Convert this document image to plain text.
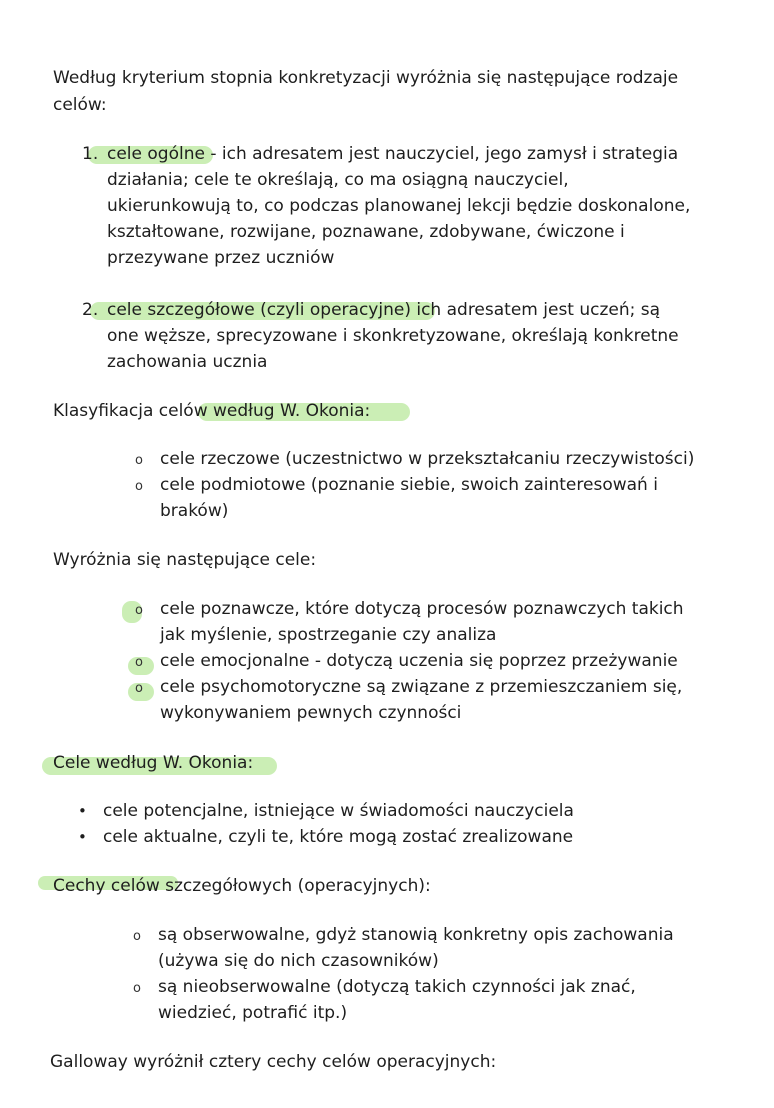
Według kryterium stopnia konkretyzacji wyróżnia się następujące rodzaje
celów:
1. cele ogólne - ich adresatem jest nauczyciel, jego zamysł i strategia
działania; cele te określają, co ma osiągną nauczyciel,
ukierunkowują to, co podczas planowanej lekcji będzie doskonalone,
kształtowane, rozwijane, poznawane, zdobywane, ćwiczone i
przezywane przez uczniów
2. cele szczegółowe (czyli operacyjne) ich adresatem jest uczeń; są
one węższe, sprecyzowane i skonkretyzowane, określają konkretne
zachowania ucznia
Klasyfikacja celów według W. Okonia:
o cele rzeczowe (uczestnictwo w przekształcaniu rzeczywistości)
o cele podmiotowe (poznanie siebie, swoich zainteresowań i
braków)
Wyróżnia się następujące cele:
o cele poznawcze, które dotyczą procesów poznawczych takich
jak myślenie, spostrzeganie czy analiza
o cele emocjonalne - dotyczą uczenia się poprzez przeżywanie
o cele psychomotoryczne są związane z przemieszczaniem się,
wykonywaniem pewnych czynności
Cele według W. Okonia:
• cele potencjalne, istniejące w świadomości nauczyciela
• cele aktualne, czyli te, które mogą zostać zrealizowane
Cechy celów szczegółowych (operacyjnych):
o są obserwowalne, gdyż stanowią konkretny opis zachowania
(używa się do nich czasowników)
o są nieobserwowalne (dotyczą takich czynności jak znać,
wiedzieć, potrafić itp.)
Galloway wyróżnił cztery cechy celów operacyjnych:
